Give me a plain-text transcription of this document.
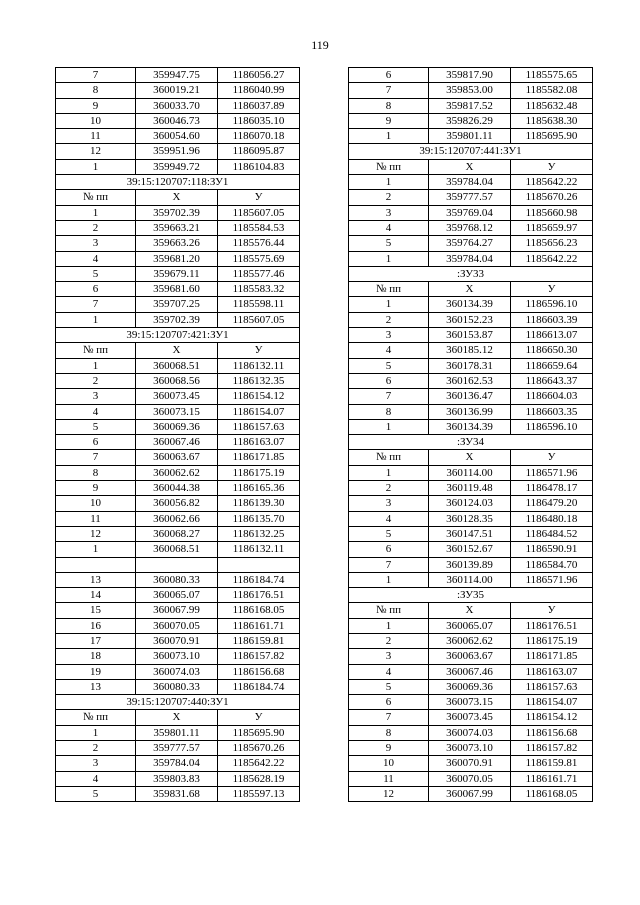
119
7	359947.75	1186056.27
8	360019.21	1186040.99
9	360033.70	1186037.89
10	360046.73	1186035.10
11	360054.60	1186070.18
12	359951.96	1186095.87
1	359949.72	1186104.83
39:15:120707:118:ЗУ1		
№ пп	X	У
1	359702.39	1185607.05
2	359663.21	1185584.53
3	359663.26	1185576.44
4	359681.20	1185575.69
5	359679.11	1185577.46
6	359681.60	1185583.32
7	359707.25	1185598.11
1	359702.39	1185607.05
39:15:120707:421:ЗУ1		
№ пп	X	У
1	360068.51	1186132.11
2	360068.56	1186132.35
3	360073.45	1186154.12
4	360073.15	1186154.07
5	360069.36	1186157.63
6	360067.46	1186163.07
7	360063.67	1186171.85
8	360062.62	1186175.19
9	360044.38	1186165.36
10	360056.82	1186139.30
11	360062.66	1186135.70
12	360068.27	1186132.25
1	360068.51	1186132.11

13	360080.33	1186184.74
14	360065.07	1186176.51
15	360067.99	1186168.05
16	360070.05	1186161.71
17	360070.91	1186159.81
18	360073.10	1186157.82
19	360074.03	1186156.68
13	360080.33	1186184.74
39:15:120707:440:ЗУ1		
№ пп	X	У
1	359801.11	1185695.90
2	359777.57	1185670.26
3	359784.04	1185642.22
4	359803.83	1185628.19
5	359831.68	1185597.13
6	359817.90	1185575.65
7	359853.00	1185582.08
8	359817.52	1185632.48
9	359826.29	1185638.30
1	359801.11	1185695.90
39:15:120707:441:ЗУ1		
№ пп	X	У
1	359784.04	1185642.22
2	359777.57	1185670.26
3	359769.04	1185660.98
4	359768.12	1185659.97
5	359764.27	1185656.23
1	359784.04	1185642.22
:ЗУ33		
№ пп	X	У
1	360134.39	1186596.10
2	360152.23	1186603.39
3	360153.87	1186613.07
4	360185.12	1186650.30
5	360178.31	1186659.64
6	360162.53	1186643.37
7	360136.47	1186604.03
8	360136.99	1186603.35
1	360134.39	1186596.10
:ЗУ34		
№ пп	X	У
1	360114.00	1186571.96
2	360119.48	1186478.17
3	360124.03	1186479.20
4	360128.35	1186480.18
5	360147.51	1186484.52
6	360152.67	1186590.91
7	360139.89	1186584.70
1	360114.00	1186571.96
:ЗУ35		
№ пп	X	У
1	360065.07	1186176.51
2	360062.62	1186175.19
3	360063.67	1186171.85
4	360067.46	1186163.07
5	360069.36	1186157.63
6	360073.15	1186154.07
7	360073.45	1186154.12
8	360074.03	1186156.68
9	360073.10	1186157.82
10	360070.91	1186159.81
11	360070.05	1186161.71
12	360067.99	1186168.05
